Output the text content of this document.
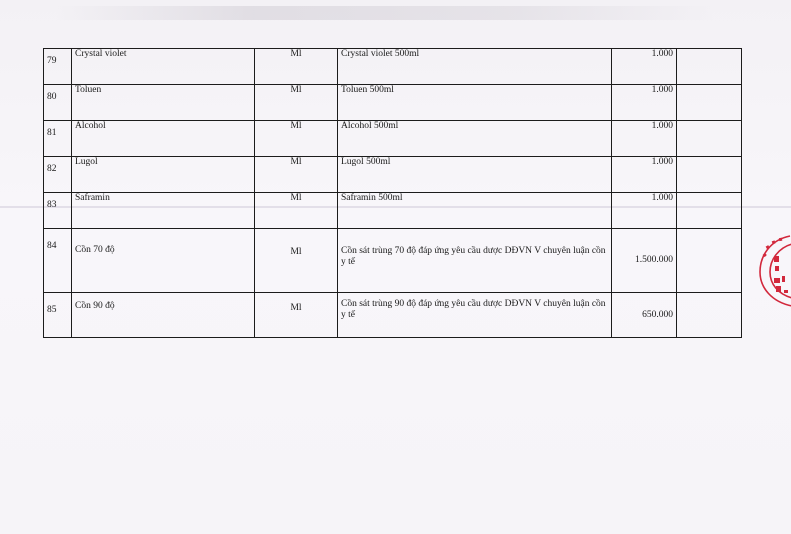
79	Crystal violet	Ml	Crystal violet 500ml	1.000	
80	Toluen	Ml	Toluen 500ml	1.000	
81	Alcohol	Ml	Alcohol 500ml	1.000	
82	Lugol	Ml	Lugol 500ml	1.000	
83	Saframin	Ml	Saframin 500ml	1.000	
84	Cồn 70 độ	Ml	Cồn sát trùng 70 độ đáp ứng yêu cầu dược DĐVN V chuyên luận cồn y tế	1.500.000	
85	Cồn 90 độ	Ml	Cồn sát trùng 90 độ đáp ứng yêu cầu dược DĐVN V chuyên luận cồn y tế	650.000	
